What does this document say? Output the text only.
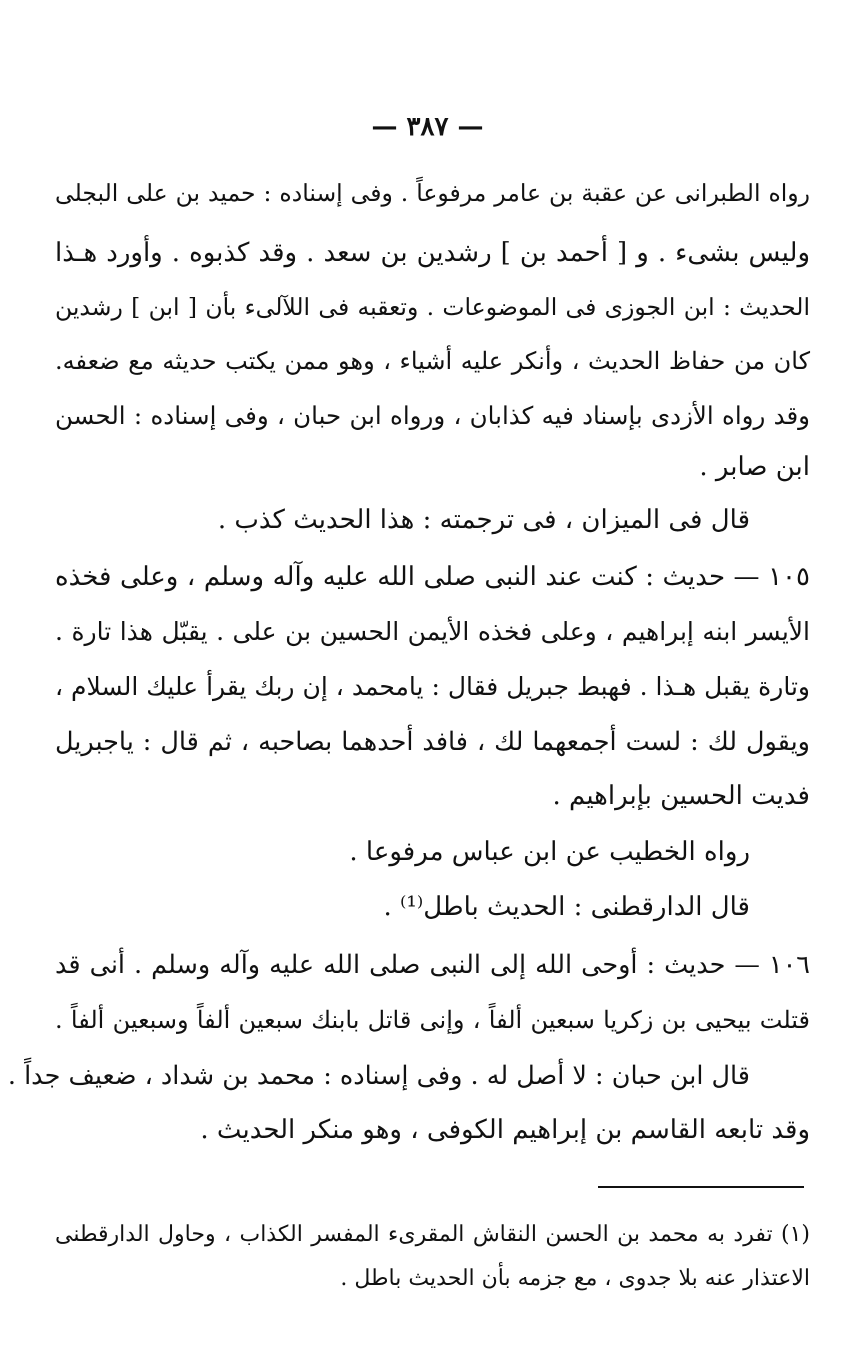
— ٣٨٧ —
رواه الطبرانى عن عقبة بن عامر مرفوعاً . وفى إسناده : حميد بن على البجلى
وليس بشىء . و [ أحمد بن ] رشدين بن سعد . وقد كذبوه . وأورد هـذا
الحديث : ابن الجوزى فى الموضوعات . وتعقبه فى اللآلىء بأن [ ابن ] رشدين
كان من حفاظ الحديث ، وأنكر عليه أشياء ، وهو ممن يكتب حديثه مع ضعفه.
وقد رواه الأزدى بإسناد فيه كذابان ، ورواه ابن حبان ، وفى إسناده : الحسن
ابن صابر .
قال فى الميزان ، فى ترجمته : هذا الحديث كذب .
١٠٥ — حديث : كنت عند النبى صلى الله عليه وآله وسلم ، وعلى فخذه
الأيسر ابنه إبراهيم ، وعلى فخذه الأيمن الحسين بن على . يقبّل هذا تارة .
وتارة يقبل هـذا . فهبط جبريل فقال : يامحمد ، إن ربك يقرأ عليك السلام ،
ويقول لك : لست أجمعهما لك ، فافد أحدهما بصاحبه ، ثم قال : ياجبريل
فديت الحسين بإبراهيم .
رواه الخطيب عن ابن عباس مرفوعا .
قال الدارقطنى : الحديث باطل⁽¹⁾ .
١٠٦ — حديث : أوحى الله إلى النبى صلى الله عليه وآله وسلم . أنى قد
قتلت بيحيى بن زكريا سبعين ألفاً ، وإنى قاتل بابنك سبعين ألفاً وسبعين ألفاً .
قال ابن حبان : لا أصل له . وفى إسناده : محمد بن شداد ، ضعيف جداً .
وقد تابعه القاسم بن إبراهيم الكوفى ، وهو منكر الحديث .
(١) تفرد به محمد بن الحسن النقاش المقرىء المفسر الكذاب ، وحاول الدارقطنى
الاعتذار عنه بلا جدوى ، مع جزمه بأن الحديث باطل .
